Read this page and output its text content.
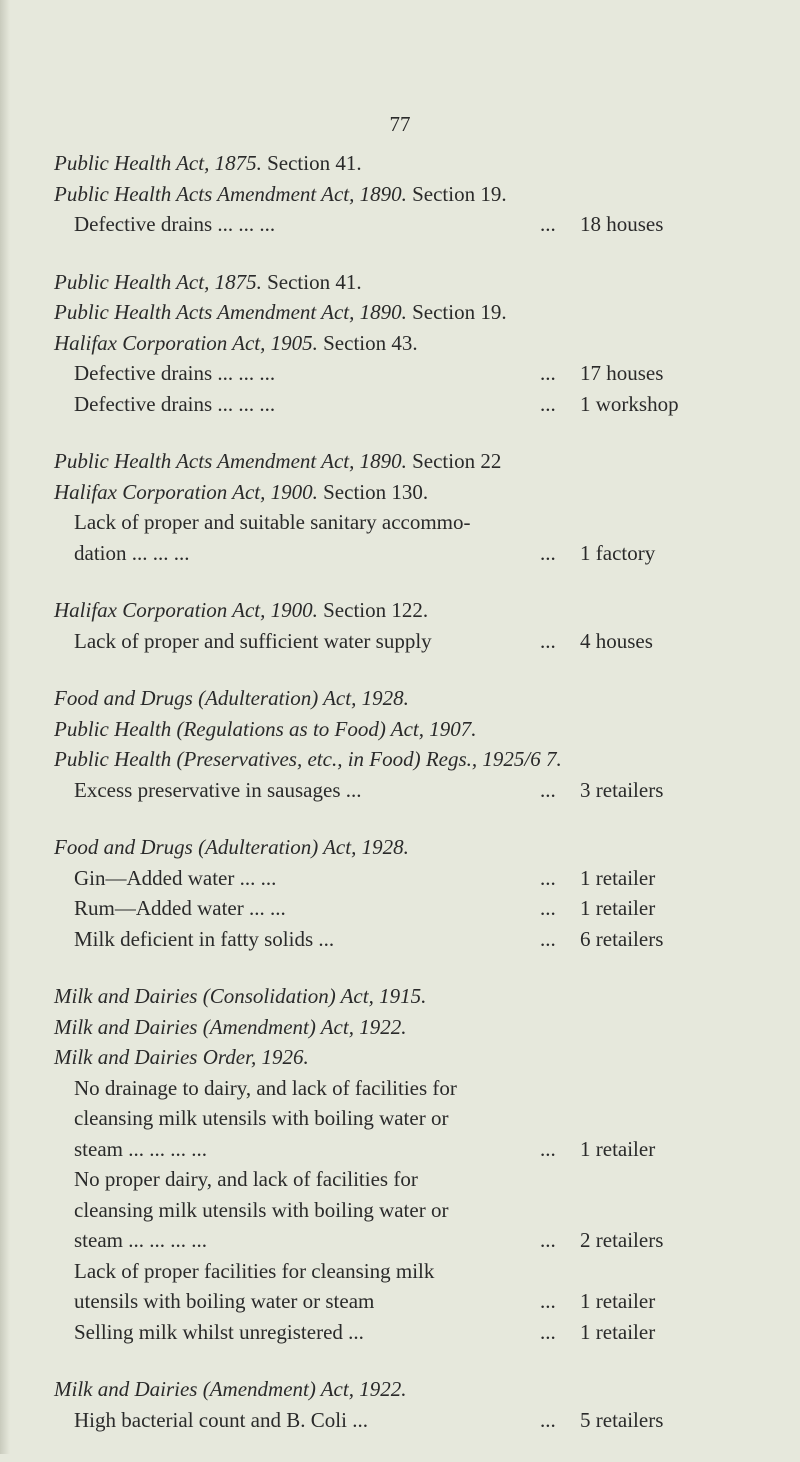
77
Public Health Act, 1875. Section 41.
Public Health Acts Amendment Act, 1890. Section 19.
Defective drains ... ... ...	... 18 houses
Public Health Act, 1875. Section 41.
Public Health Acts Amendment Act, 1890. Section 19.
Halifax Corporation Act, 1905. Section 43.
Defective drains ... ... ...	... 17 houses
Defective drains ... ... ...	... 1 workshop
Public Health Acts Amendment Act, 1890. Section 22
Halifax Corporation Act, 1900. Section 130.
Lack of proper and suitable sanitary accommo-
dation ... ... ...	... 1 factory
Halifax Corporation Act, 1900. Section 122.
Lack of proper and sufficient water supply	... 4 houses
Food and Drugs (Adulteration) Act, 1928.
Public Health (Regulations as to Food) Act, 1907.
Public Health (Preservatives, etc., in Food) Regs., 1925/6 7.
Excess preservative in sausages ...	... 3 retailers
Food and Drugs (Adulteration) Act, 1928.
Gin—Added water ... ...	... 1 retailer
Rum—Added water ... ...	... 1 retailer
Milk deficient in fatty solids ...	... 6 retailers
Milk and Dairies (Consolidation) Act, 1915.
Milk and Dairies (Amendment) Act, 1922.
Milk and Dairies Order, 1926.
No drainage to dairy, and lack of facilities for
cleansing milk utensils with boiling water or
steam ... ... ... ...	... 1 retailer
No proper dairy, and lack of facilities for
cleansing milk utensils with boiling water or
steam ... ... ... ...	... 2 retailers
Lack of proper facilities for cleansing milk
utensils with boiling water or steam	... 1 retailer
Selling milk whilst unregistered ...	... 1 retailer
Milk and Dairies (Amendment) Act, 1922.
High bacterial count and B. Coli ...	... 5 retailers
